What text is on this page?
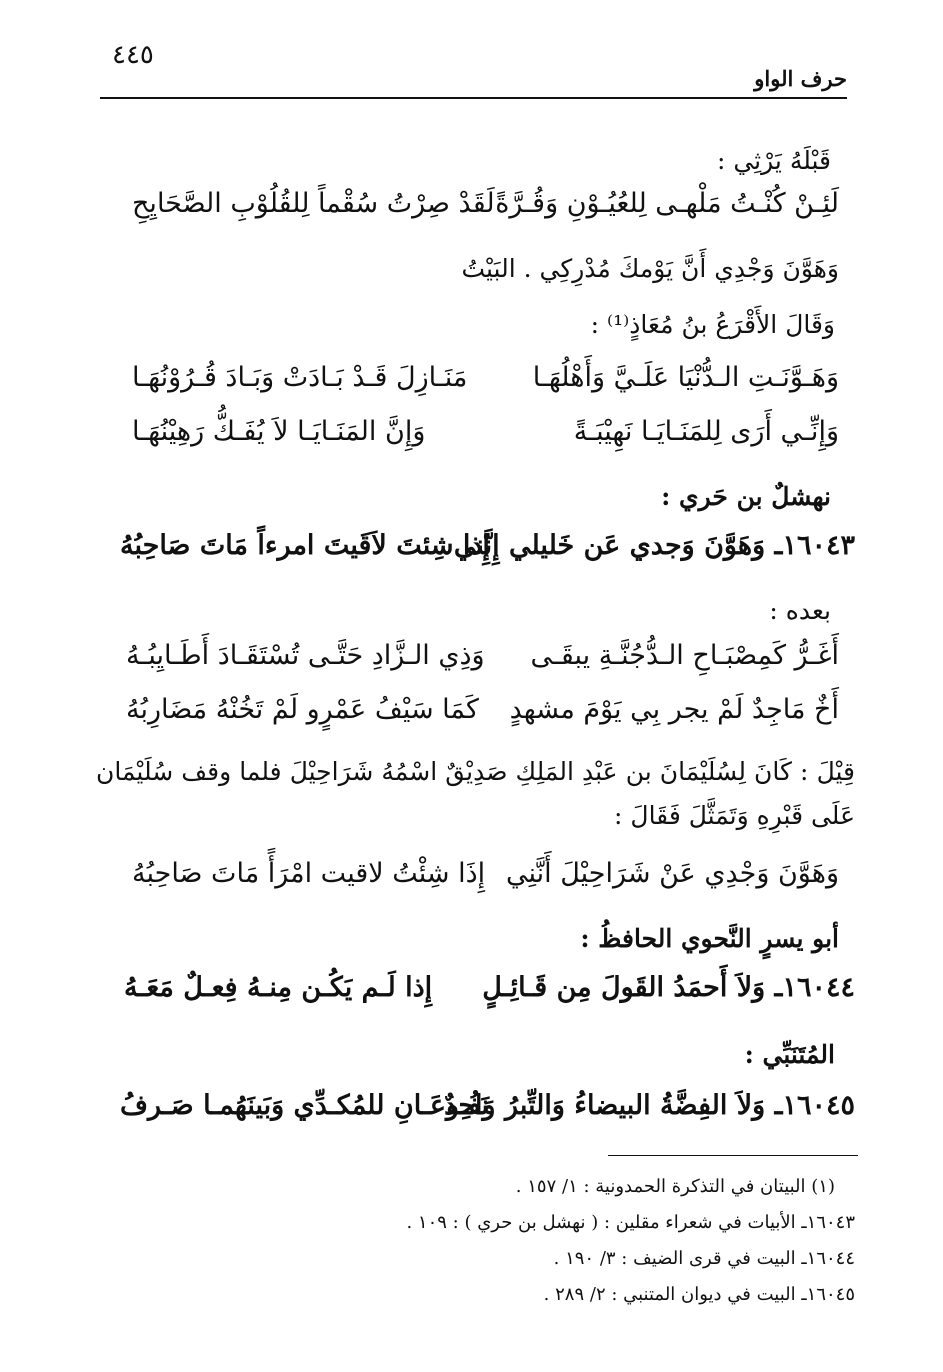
٤٤٥
حرف الواو
قَبْلَهُ يَرْثِي :
لَئِـنْ كُنْـتُ مَلْهـى لِلعُيُـوْنِ وَقُـرَّةً
لَقَدْ صِرْتُ سُقْماً لِلقُلُوْبِ الصَّحَايِحِ
وَهَوَّنَ وَجْدِي أَنَّ يَوْمكَ مُدْرِكِي . البَيْتُ
وَقَالَ الأَقْرَعُ بنُ مُعَاذٍ⁽¹⁾ :
وَهَـوَّنَـتِ الـدُّنْيَا عَلَـيَّ وَأَهْلُهَـا
مَنَـازِلَ قَـدْ بَـادَتْ وَبَـادَ قُـرُوْنُهَـا
وَإِنِّـي أَرَى لِلمَنَـايَـا نَهِيْبَـةً
وَإِنَّ المَنَـايَـا لاَ يُفَـكُّ رَهِيْنُهَـا
نهشلٌ بن حَري :
١٦٠٤٣ـ وَهَوَّنَ وَجدي عَن خَليلي إِنَّني
إِذا شِئتَ لاَقَيتَ امرءاً مَاتَ صَاحِبُهُ
بعده :
أَغَـرُّ كَمِصْبَـاحِ الـدُّجُنَّـةِ يبقَـى
وَذِي الـزَّادِ حَتَّـى تُسْتَقَـادَ أَطَـايِبُـهُ
أَخٌ مَاجِدٌ لَمْ يجر بِي يَوْمَ مشهدٍ
كَمَا سَيْفُ عَمْرٍو لَمْ تَخُنْهُ مَضَارِبُهُ
قِيْلَ : كَانَ لِسُلَيْمَانَ بن عَبْدِ المَلِكِ صَدِيْقٌ اسْمُهُ شَرَاحِيْلَ فلما وقف سُلَيْمَان عَلَى قَبْرِهِ وَتَمَثَّلَ فَقَالَ :
وَهَوَّنَ وَجْدِي عَنْ شَرَاحِيْلَ أَنَّنِي
إِذَا شِئْتُ لاقيت امْرَأً مَاتَ صَاحِبُهُ
أبو يسرٍ النَّحوي الحافظُ :
١٦٠٤٤ـ وَلاَ أَحمَدُ القَولَ مِن قَـائِـلٍ
إِذا لَـم يَكُـن مِنـهُ فِعـلٌ مَعَـهُ
المُتَنَبِّي :
١٦٠٤٥ـ وَلاَ الفِضَّةُ البيضاءُ وَالتِّبرُ وَاحِدٌ
نَفُـوعَـانِ للمُكـدِّي وَبَينَهُمـا صَـرفُ
(١) البيتان في التذكرة الحمدونية : ١/ ١٥٧ .
١٦٠٤٣ـ الأبيات في شعراء مقلين : ( نهشل بن حري ) : ١٠٩ .
١٦٠٤٤ـ البيت في قرى الضيف : ٣/ ١٩٠ .
١٦٠٤٥ـ البيت في ديوان المتنبي : ٢/ ٢٨٩ .
